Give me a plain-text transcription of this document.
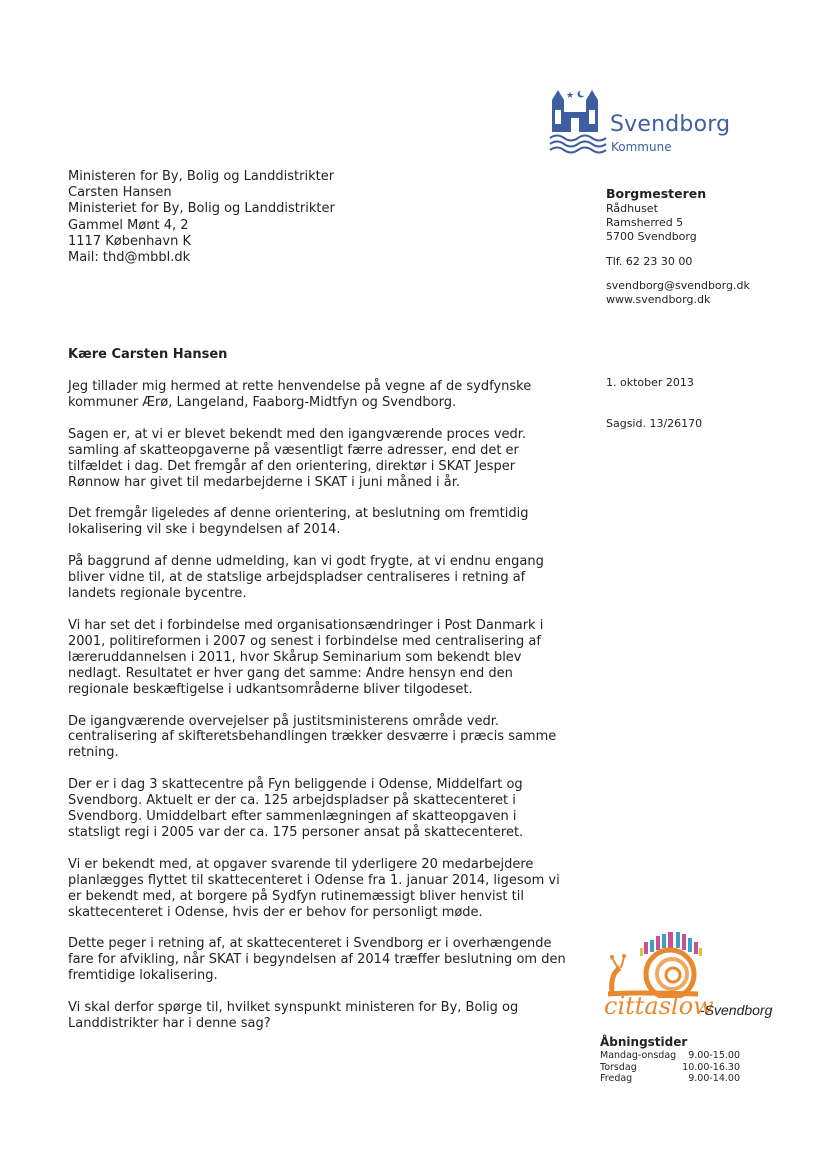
★
Svendborg
Kommune
Ministeren for By, Bolig og Landdistrikter
Carsten Hansen
Ministeriet for By, Bolig og Landdistrikter
Gammel Mønt 4, 2
1117 København K
Mail: thd@mbbl.dk
Borgmesteren
Rådhuset
Ramsherred 5
5700 Svendborg
Tlf. 62 23 30 00
svendborg@svendborg.dk
www.svendborg.dk
Kære Carsten Hansen
1. oktober 2013
Sagsid. 13/26170
Jeg tillader mig hermed at rette henvendelse på vegne af de sydfynske
kommuner Ærø, Langeland, Faaborg-Midtfyn og Svendborg.
Sagen er, at vi er blevet bekendt med den igangværende proces vedr.
samling af skatteopgaverne på væsentligt færre adresser, end det er
tilfældet i dag. Det fremgår af den orientering, direktør i SKAT Jesper
Rønnow har givet til medarbejderne i SKAT i juni måned i år.
Det fremgår ligeledes af denne orientering, at beslutning om fremtidig
lokalisering vil ske i begyndelsen af 2014.
På baggrund af denne udmelding, kan vi godt frygte, at vi endnu engang
bliver vidne til, at de statslige arbejdspladser centraliseres i retning af
landets regionale bycentre.
Vi har set det i forbindelse med organisationsændringer i Post Danmark i
2001, politireformen i 2007 og senest i forbindelse med centralisering af
læreruddannelsen i 2011, hvor Skårup Seminarium som bekendt blev
nedlagt. Resultatet er hver gang det samme: Andre hensyn end den
regionale beskæftigelse i udkantsområderne bliver tilgodeset.
De igangværende overvejelser på justitsministerens område vedr.
centralisering af skifteretsbehandlingen trækker desværre i præcis samme
retning.
Der er i dag 3 skattecentre på Fyn beliggende i Odense, Middelfart og
Svendborg. Aktuelt er der ca. 125 arbejdspladser på skattecenteret i
Svendborg. Umiddelbart efter sammenlægningen af skatteopgaven i
statsligt regi i 2005 var der ca. 175 personer ansat på skattecenteret.
Vi er bekendt med, at opgaver svarende til yderligere 20 medarbejdere
planlægges flyttet til skattecenteret i Odense fra 1. januar 2014, ligesom vi
er bekendt med, at borgere på Sydfyn rutinemæssigt bliver henvist til
skattecenteret i Odense, hvis der er behov for personligt møde.
Dette peger i retning af, at skattecenteret i Svendborg er i overhængende
fare for afvikling, når SKAT i begyndelsen af 2014 træffer beslutning om den
fremtidige lokalisering.
Vi skal derfor spørge til, hvilket synspunkt ministeren for By, Bolig og
Landdistrikter har i denne sag?
cittaslow
-Svendborg
Åbningstider
Mandag-onsdag 9.00-15.00
Torsdag	10.00-16.30
Fredag	9.00-14.00
